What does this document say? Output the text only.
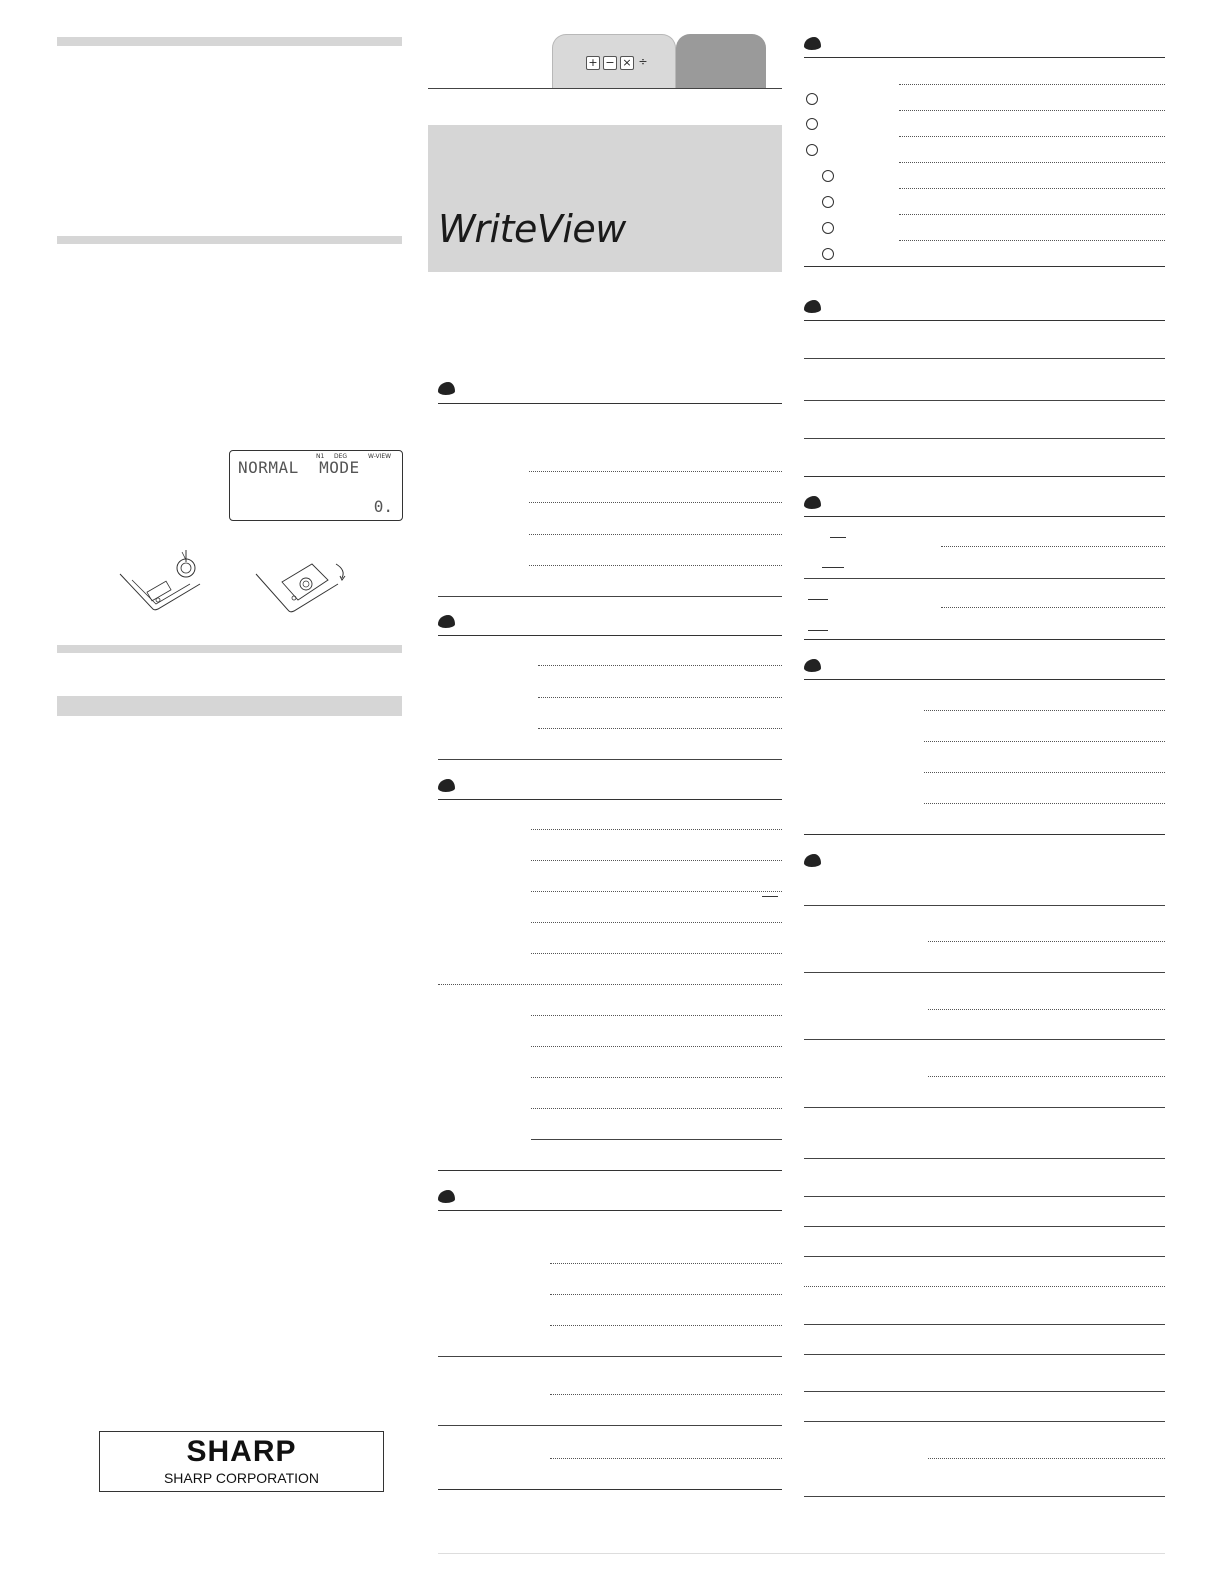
N1 DEG	W-VIEW
NORMAL  MODE
0.
SHARP
SHARP CORPORATION
+ − × ÷
WriteView
